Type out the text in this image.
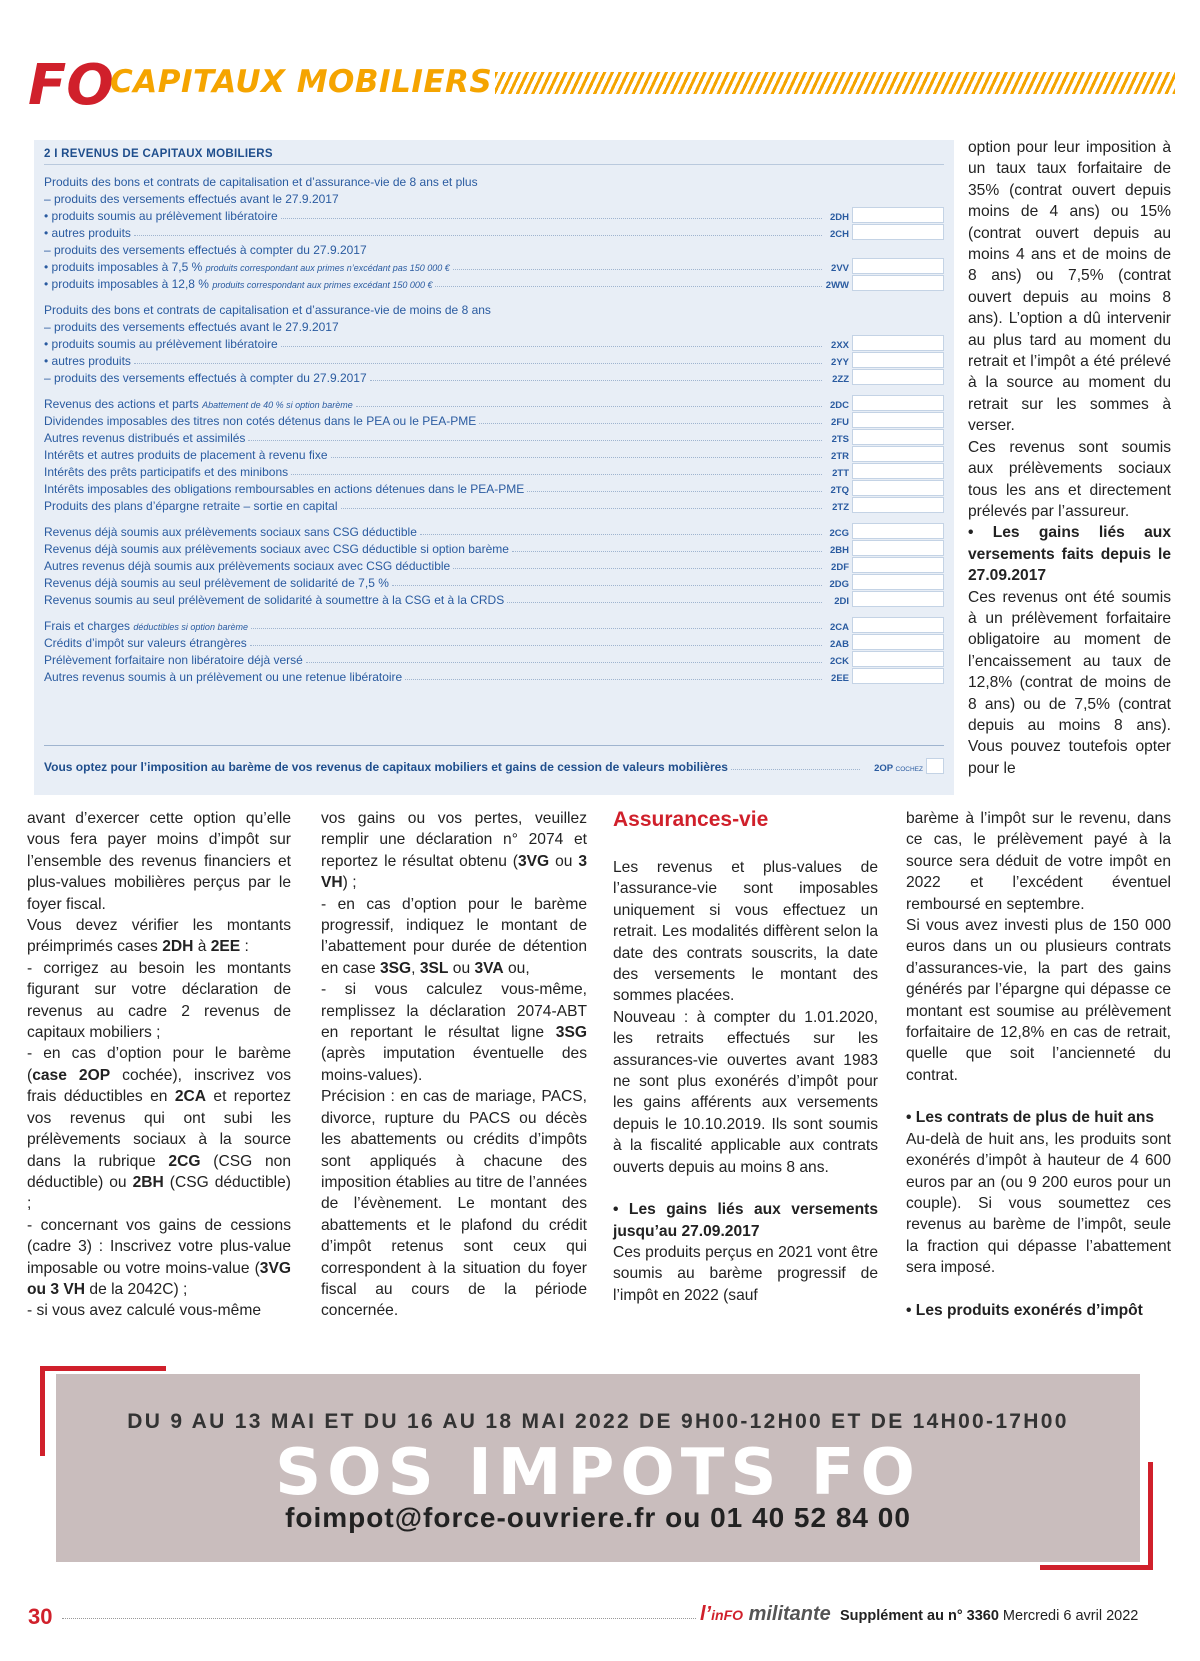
FO
CAPITAUX MOBILIERS
2 I REVENUS DE CAPITAUX MOBILIERS
Produits des bons et contrats de capitalisation et d’assurance-vie de 8 ans et plus
– produits des versements effectués avant le 27.9.2017
• produits soumis au prélèvement libératoire	2DH
• autres produits	2CH
– produits des versements effectués à compter du 27.9.2017
• produits imposables à 7,5 % produits correspondant aux primes n’excédant pas 150 000 €	2VV
• produits imposables à 12,8 % produits correspondant aux primes excédant 150 000 €	2WW
Produits des bons et contrats de capitalisation et d’assurance-vie de moins de 8 ans
– produits des versements effectués avant le 27.9.2017
• produits soumis au prélèvement libératoire	2XX
• autres produits	2YY
– produits des versements effectués à compter du 27.9.2017	2ZZ
Revenus des actions et parts Abattement de 40 % si option barème	2DC
Dividendes imposables des titres non cotés détenus dans le PEA ou le PEA-PME	2FU
Autres revenus distribués et assimilés	2TS
Intérêts et autres produits de placement à revenu fixe	2TR
Intérêts des prêts participatifs et des minibons	2TT
Intérêts imposables des obligations remboursables en actions détenues dans le PEA-PME	2TQ
Produits des plans d’épargne retraite – sortie en capital	2TZ
Revenus déjà soumis aux prélèvements sociaux sans CSG déductible	2CG
Revenus déjà soumis aux prélèvements sociaux avec CSG déductible si option barème	2BH
Autres revenus déjà soumis aux prélèvements sociaux avec CSG déductible	2DF
Revenus déjà soumis au seul prélèvement de solidarité de 7,5 %	2DG
Revenus soumis au seul prélèvement de solidarité à soumettre à la CSG et à la CRDS	2DI
Frais et charges déductibles si option barème	2CA
Crédits d’impôt sur valeurs étrangères	2AB
Prélèvement forfaitaire non libératoire déjà versé	2CK
Autres revenus soumis à un prélèvement ou une retenue libératoire	2EE
Vous optez pour l’imposition au barème de vos revenus de capitaux mobiliers et gains de cession de valeurs mobilières	2OP COCHEZ

option pour leur imposition à un taux taux forfaitaire de 35% (contrat ouvert depuis moins de 4 ans) ou 15% (contrat ouvert depuis au moins 4 ans et de moins de 8 ans) ou 7,5% (contrat ouvert depuis au moins 8 ans). L’option a dû intervenir au plus tard au moment du retrait et l’impôt a été prélevé à la source au moment du retrait sur les sommes à verser.

Ces revenus sont soumis aux prélèvements sociaux tous les ans et directement prélevés par l’assureur.

• Les gains liés aux versements faits depuis le 27.09.2017

Ces revenus ont été soumis à un prélèvement forfaitaire obligatoire au moment de l’encaissement au taux de 12,8% (contrat de moins de 8 ans) ou de 7,5% (contrat depuis au moins 8 ans). Vous pouvez toutefois opter pour le

avant d’exercer cette option qu’elle vous fera payer moins d’impôt sur l’ensemble des revenus financiers et plus-values mobilières perçus par le foyer fiscal.

Vous devez vérifier les montants préimprimés cases 2DH à 2EE :

- corrigez au besoin les montants figurant sur votre déclaration de revenus au cadre 2 revenus de capitaux mobiliers ;

- en cas d’option pour le barème (case 2OP cochée), inscrivez vos frais déductibles en 2CA et reportez vos revenus qui ont subi les prélèvements sociaux à la source dans la rubrique 2CG (CSG non déductible) ou 2BH (CSG déductible) ;

- concernant vos gains de cessions (cadre 3) : Inscrivez votre plus-value imposable ou votre moins-value (3VG ou 3 VH de la 2042C) ;

- si vous avez calculé vous-même

vos gains ou vos pertes, veuillez remplir une déclaration n° 2074 et reportez le résultat obtenu (3VG ou 3 VH) ;

- en cas d’option pour le barème progressif, indiquez le montant de l’abattement pour durée de détention en case 3SG, 3SL ou 3VA ou,

- si vous calculez vous-même, remplissez la déclaration 2074-ABT en reportant le résultat ligne 3SG (après imputation éventuelle des moins-values).

Précision : en cas de mariage, PACS, divorce, rupture du PACS ou décès les abattements ou crédits d’impôts sont appliqués à chacune des imposition établies au titre de l’années de l’évènement. Le montant des abattements et le plafond du crédit d’impôt retenus sont ceux qui correspondent à la situation du foyer fiscal au cours de la période concernée.

Assurances-vie

Les revenus et plus-values de l’assurance-vie sont imposables uniquement si vous effectuez un retrait. Les modalités diffèrent selon la date des contrats souscrits, la date des versements le montant des sommes placées.

Nouveau : à compter du 1.01.2020, les retraits effectués sur les assurances-vie ouvertes avant 1983 ne sont plus exonérés d’impôt pour les gains afférents aux versements depuis le 10.10.2019. Ils sont soumis à la fiscalité applicable aux contrats ouverts depuis au moins 8 ans.

• Les gains liés aux versements jusqu’au 27.09.2017

Ces produits perçus en 2021 vont être soumis au barème progressif de l’impôt en 2022 (sauf

barème à l’impôt sur le revenu, dans ce cas, le prélèvement payé à la source sera déduit de votre impôt en 2022 et l’excédent éventuel remboursé en septembre.

Si vous avez investi plus de 150 000 euros dans un ou plusieurs contrats d’assurances-vie, la part des gains générés par l’épargne qui dépasse ce montant est soumise au prélèvement forfaitaire de 12,8% en cas de retrait, quelle que soit l’ancienneté du contrat.

• Les contrats de plus de huit ans

Au-delà de huit ans, les produits sont exonérés d’impôt à hauteur de 4 600 euros par an (ou 9 200 euros pour un couple). Si vous soumettez ces revenus au barème de l’impôt, seule la fraction qui dépasse l’abattement sera imposé.

• Les produits exonérés d’impôt

DU 9 AU 13 MAI ET DU 16 AU 18 MAI 2022 DE 9H00-12H00 ET DE 14H00-17H00
SOS IMPOTS FO
foimpot@force-ouvriere.fr ou 01 40 52 84 00
30	l’inFO militante Supplément au n° 3360 Mercredi 6 avril 2022
